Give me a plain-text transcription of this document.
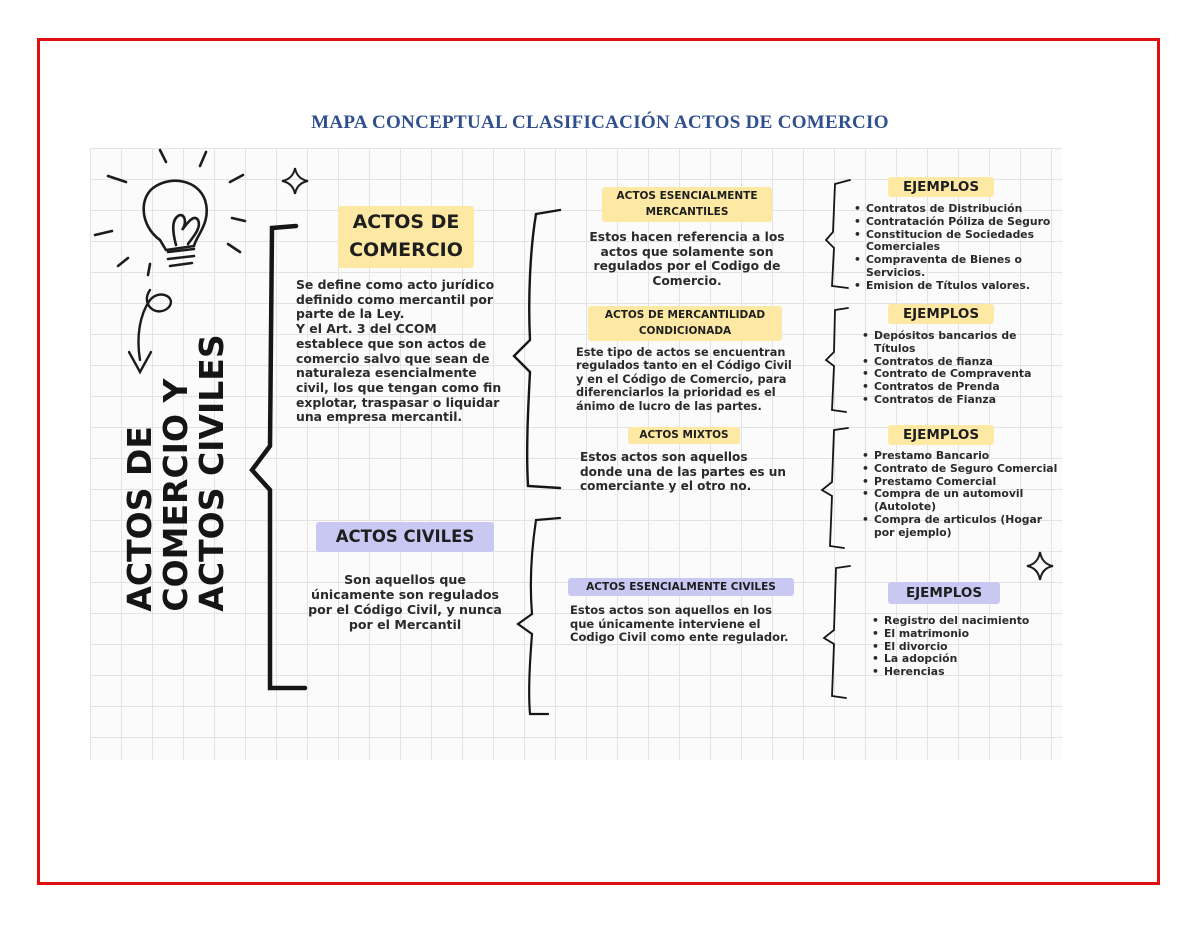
MAPA CONCEPTUAL CLASIFICACIÓN ACTOS DE COMERCIO
ACTOS DE
COMERCIO Y
ACTOS CIVILES
ACTOS DE
COMERCIO
Se define como acto jurídico
definido como mercantil por
parte de la Ley.
Y el Art. 3 del CCOM
establece que son actos de
comercio salvo que sean de
naturaleza esencialmente
civil, los que tengan como fin
explotar, traspasar o liquidar
una empresa mercantil.
ACTOS CIVILES
Son aquellos que
únicamente son regulados
por el Código Civil, y nunca
por el Mercantil
ACTOS ESENCIALMENTE
MERCANTILES
Estos hacen referencia a los
actos que solamente son
regulados por el Codigo de
Comercio.
ACTOS DE MERCANTILIDAD
CONDICIONADA
Este tipo de actos se encuentran
regulados tanto en el Código Civil
y en el Código de Comercio, para
diferenciarlos la prioridad es el
ánimo de lucro de las partes.
ACTOS MIXTOS
Estos actos son aquellos
donde una de las partes es un
comerciante y el otro no.
ACTOS ESENCIALMENTE CIVILES
Estos actos son aquellos en los
que únicamente interviene el
Codigo Civil como ente regulador.
EJEMPLOS
• Contratos de Distribución
• Contratación Póliza de Seguro
• Constitucion de Sociedades Comerciales
• Compraventa de Bienes o Servicios.
• Emision de Títulos valores.
EJEMPLOS
• Depósitos bancarios de Títulos
• Contratos de fianza
• Contrato de Compraventa
• Contratos de Prenda
• Contratos de Fianza
EJEMPLOS
• Prestamo Bancario
• Contrato de Seguro Comercial
• Prestamo Comercial
• Compra de un automovil (Autolote)
• Compra de articulos (Hogar por ejemplo)
EJEMPLOS
• Registro del nacimiento
• El matrimonio
• El divorcio
• La adopción
• Herencias
